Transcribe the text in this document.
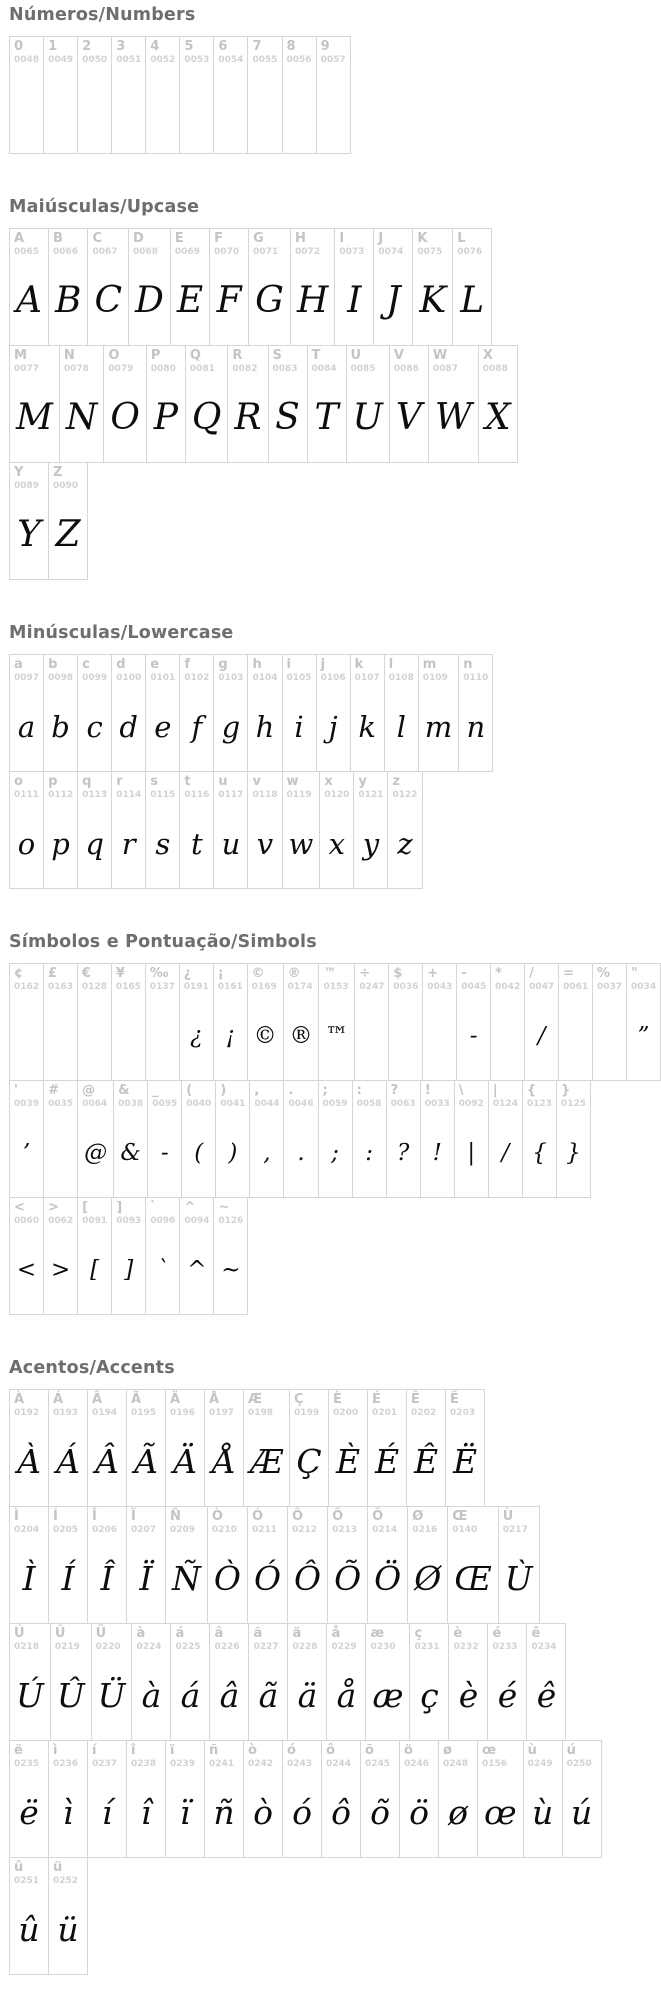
Números/Numbers
0
0048
1
0049
2
0050
3
0051
4
0052
5
0053
6
0054
7
0055
8
0056
9
0057
Maiúsculas/Upcase
A
0065
A
B
0066
B
C
0067
C
D
0068
D
E
0069
E
F
0070
F
G
0071
G
H
0072
H
I
0073
I
J
0074
J
K
0075
K
L
0076
L
M
0077
M
N
0078
N
O
0079
O
P
0080
P
Q
0081
Q
R
0082
R
S
0083
S
T
0084
T
U
0085
U
V
0086
V
W
0087
W
X
0088
X
Y
0089
Y
Z
0090
Z
Minúsculas/Lowercase
a
0097
a
b
0098
b
c
0099
c
d
0100
d
e
0101
e
f
0102
f
g
0103
g
h
0104
h
i
0105
i
j
0106
j
k
0107
k
l
0108
l
m
0109
m
n
0110
n
o
0111
o
p
0112
p
q
0113
q
r
0114
r
s
0115
s
t
0116
t
u
0117
u
v
0118
v
w
0119
w
x
0120
x
y
0121
y
z
0122
z
Símbolos e Pontuação/Simbols
¢
0162
£
0163
€
0128
¥
0165
‰
0137
¿
0191
¿
¡
0161
¡
©
0169
©
®
0174
®
™
0153
™
÷
0247
$
0036
+
0043
-
0045
-
*
0042
/
0047
/
=
0061
%
0037
"
0034
”
'
0039
’
#
0035
@
0064
@
&
0038
&
_
0095
-
(
0040
(
)
0041
)
,
0044
,
.
0046
.
;
0059
;
:
0058
:
?
0063
?
!
0033
!
\
0092
|
|
0124
/
{
0123
{
}
0125
}
<
0060
<
>
0062
>
[
0091
[
]
0093
]
`
0096
`
^
0094
^
~
0126
~
Acentos/Accents
À
0192
À
Á
0193
Á
Â
0194
Â
Ã
0195
Ã
Ä
0196
Ä
Å
0197
Å
Æ
0198
Æ
Ç
0199
Ç
È
0200
È
É
0201
É
Ê
0202
Ê
Ë
0203
Ë
Ì
0204
Ì
Í
0205
Í
Î
0206
Î
Ï
0207
Ï
Ñ
0209
Ñ
Ò
0210
Ò
Ó
0211
Ó
Ô
0212
Ô
Õ
0213
Õ
Ö
0214
Ö
Ø
0216
Ø
Œ
0140
Œ
Ù
0217
Ù
Ú
0218
Ú
Û
0219
Û
Ü
0220
Ü
à
0224
à
á
0225
á
â
0226
â
ã
0227
ã
ä
0228
ä
å
0229
å
æ
0230
æ
ç
0231
ç
è
0232
è
é
0233
é
ê
0234
ê
ë
0235
ë
ì
0236
ì
í
0237
í
î
0238
î
ï
0239
ï
ñ
0241
ñ
ò
0242
ò
ó
0243
ó
ô
0244
ô
õ
0245
õ
ö
0246
ö
ø
0248
ø
œ
0156
œ
ù
0249
ù
ú
0250
ú
û
0251
û
ü
0252
ü
